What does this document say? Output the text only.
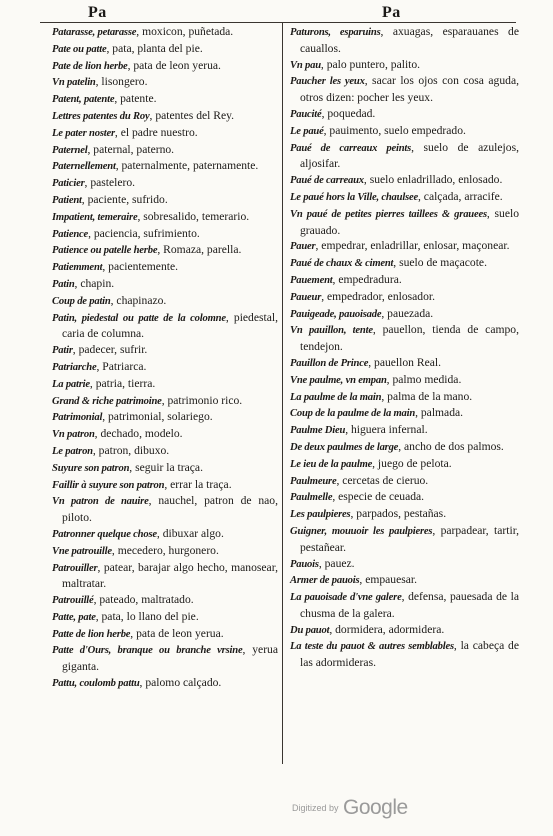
Pa	Pa
Patarasse, petarasse, moxicon, puñetada.
Pate ou patte, pata, planta del pie.
Pate de lion herbe, pata de leon yerua.
Vn patelin, lisongero.
Patent, patente, patente.
Lettres patentes du Roy, patentes del Rey.
Le pater noster, el padre nuestro.
Paternel, paternal, paterno.
Paternellement, paternalmente, paternamente.
Paticier, pastelero.
Patient, paciente, sufrido.
Impatient, temeraire, sobresalido, temerario.
Patience, paciencia, sufrimiento.
Patience ou patelle herbe, Romaza, parella.
Patiemment, pacientemente.
Patin, chapin.
Coup de patin, chapinazo.
Patin, piedestal ou patte de la colomne, piedestal, caria de columna.
Patir, padecer, sufrir.
Patriarche, Patriarca.
La patrie, patria, tierra.
Grand & riche patrimoine, patrimonio rico.
Patrimonial, patrimonial, solariego.
Vn patron, dechado, modelo.
Le patron, patron, dibuxo.
Suyure son patron, seguir la traça.
Faillir à suyure son patron, errar la traça.
Vn patron de nauire, nauchel, patron de nao, piloto.
Patronner quelque chose, dibuxar algo.
Vne patrouille, mecedero, hurgonero.
Patrouiller, patear, barajar algo hecho, manosear, maltratar.
Patrouillé, pateado, maltratado.
Patte, pate, pata, lo llano del pie.
Patte de lion herbe, pata de leon yerua.
Patte d'Ours, branque ou branche vrsine, yerua giganta.
Pattu, coulomb pattu, palomo calçado.
Paturons, esparuins, axuagas, esparauanes de cauallos.
Vn pau, palo puntero, palito.
Paucher les yeux, sacar los ojos con cosa aguda, otros dizen: pocher les yeux.
Paucité, poquedad.
Le paué, pauimento, suelo empedrado.
Paué de carreaux peints, suelo de azulejos, aljosifar.
Paué de carreaux, suelo enladrillado, enlosado.
Le paué hors la Ville, chaulsee, calçada, arracife.
Vn paué de petites pierres taillees & grauees, suelo grauado.
Pauer, empedrar, enladrillar, enlosar, maçonear.
Paué de chaux & ciment, suelo de maçacote.
Pauement, empedradura.
Paueur, empedrador, enlosador.
Pauigeade, pauoisade, pauezada.
Vn pauillon, tente, pauellon, tienda de campo, tendejon.
Pauillon de Prince, pauellon Real.
Vne paulme, vn empan, palmo medida.
La paulme de la main, palma de la mano.
Coup de la paulme de la main, palmada.
Paulme Dieu, higuera infernal.
De deux paulmes de large, ancho de dos palmos.
Le ieu de la paulme, juego de pelota.
Paulmeure, cercetas de cieruo.
Paulmelle, especie de ceuada.
Les paulpieres, parpados, pestañas.
Guigner, mouuoir les paulpieres, parpadear, tartir, pestañear.
Pauois, pauez.
Armer de pauois, empauesar.
La pauoisade d'vne galere, defensa, pauesada de la chusma de la galera.
Du pauot, dormidera, adormidera.
La teste du pauot & autres semblables, la cabeça de las adormideras.
Digitized by Google
